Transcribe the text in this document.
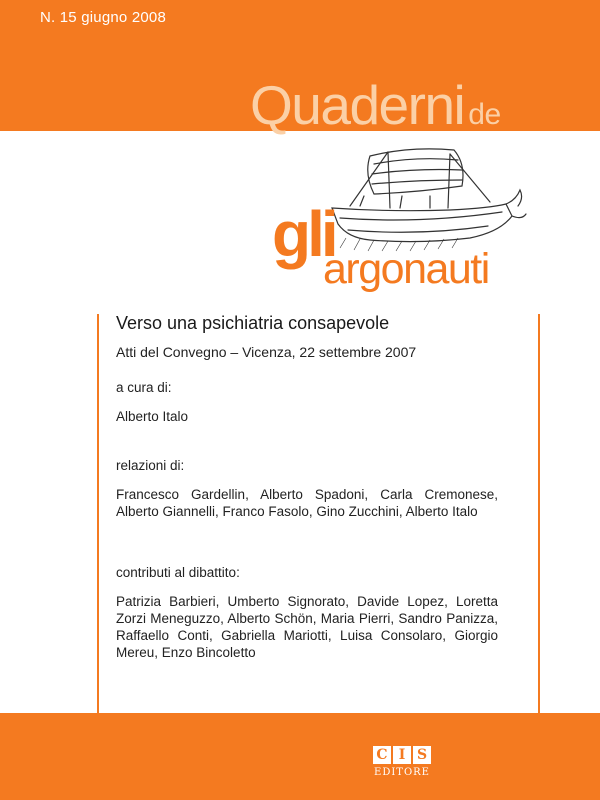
N. 15 giugno 2008
Quaderni de
gli
argonauti

Verso una psichiatria consapevole

Atti del Convegno – Vicenza, 22 settembre 2007

a cura di:

Alberto Italo

relazioni di:

Francesco Gardellin, Alberto Spadoni, Carla Cremonese, Alberto Giannelli, Franco Fasolo, Gino Zucchini, Alberto Italo

contributi al dibattito:

Patrizia Barbieri, Umberto Signorato, Davide Lopez, Loretta Zorzi Meneguzzo, Alberto Schön, Maria Pierri, Sandro Panizza, Raffaello Conti, Gabriella Mariotti, Luisa Consolaro, Giorgio Mereu, Enzo Bincoletto

C I S
EDITORE
